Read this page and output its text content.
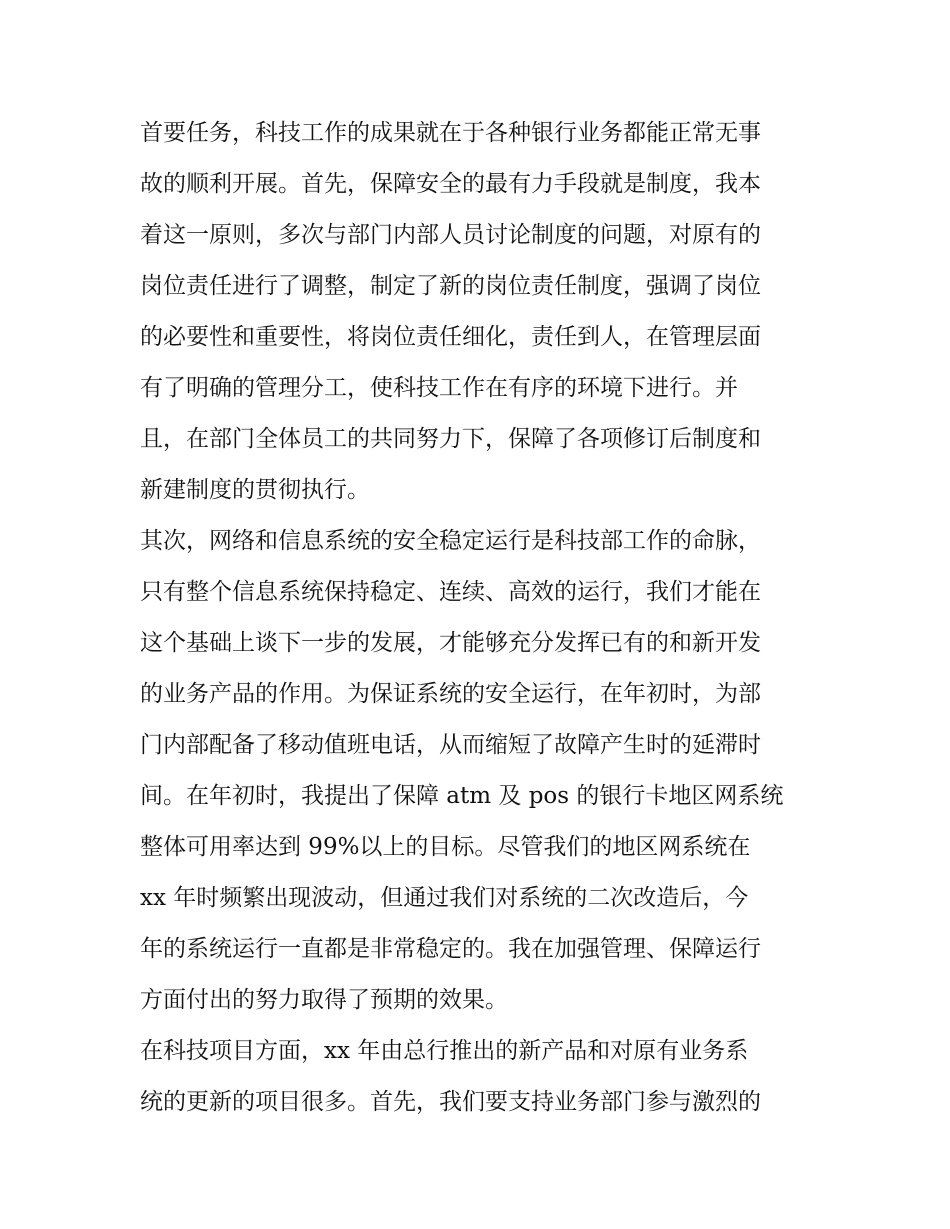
首要任务，科技工作的成果就在于各种银行业务都能正常无事
故的顺利开展。首先，保障安全的最有力手段就是制度，我本
着这一原则，多次与部门内部人员讨论制度的问题，对原有的
岗位责任进行了调整，制定了新的岗位责任制度，强调了岗位
的必要性和重要性，将岗位责任细化，责任到人，在管理层面
有了明确的管理分工，使科技工作在有序的环境下进行。并
且，在部门全体员工的共同努力下，保障了各项修订后制度和
新建制度的贯彻执行。
其次，网络和信息系统的安全稳定运行是科技部工作的命脉，
只有整个信息系统保持稳定、连续、高效的运行，我们才能在
这个基础上谈下一步的发展，才能够充分发挥已有的和新开发
的业务产品的作用。为保证系统的安全运行，在年初时，为部
门内部配备了移动值班电话，从而缩短了故障产生时的延滞时
间。在年初时，我提出了保障 atm 及 pos 的银行卡地区网系统
整体可用率达到 99%以上的目标。尽管我们的地区网系统在
xx 年时频繁出现波动，但通过我们对系统的二次改造后，今
年的系统运行一直都是非常稳定的。我在加强管理、保障运行
方面付出的努力取得了预期的效果。
在科技项目方面，xx 年由总行推出的新产品和对原有业务系
统的更新的项目很多。首先，我们要支持业务部门参与激烈的
